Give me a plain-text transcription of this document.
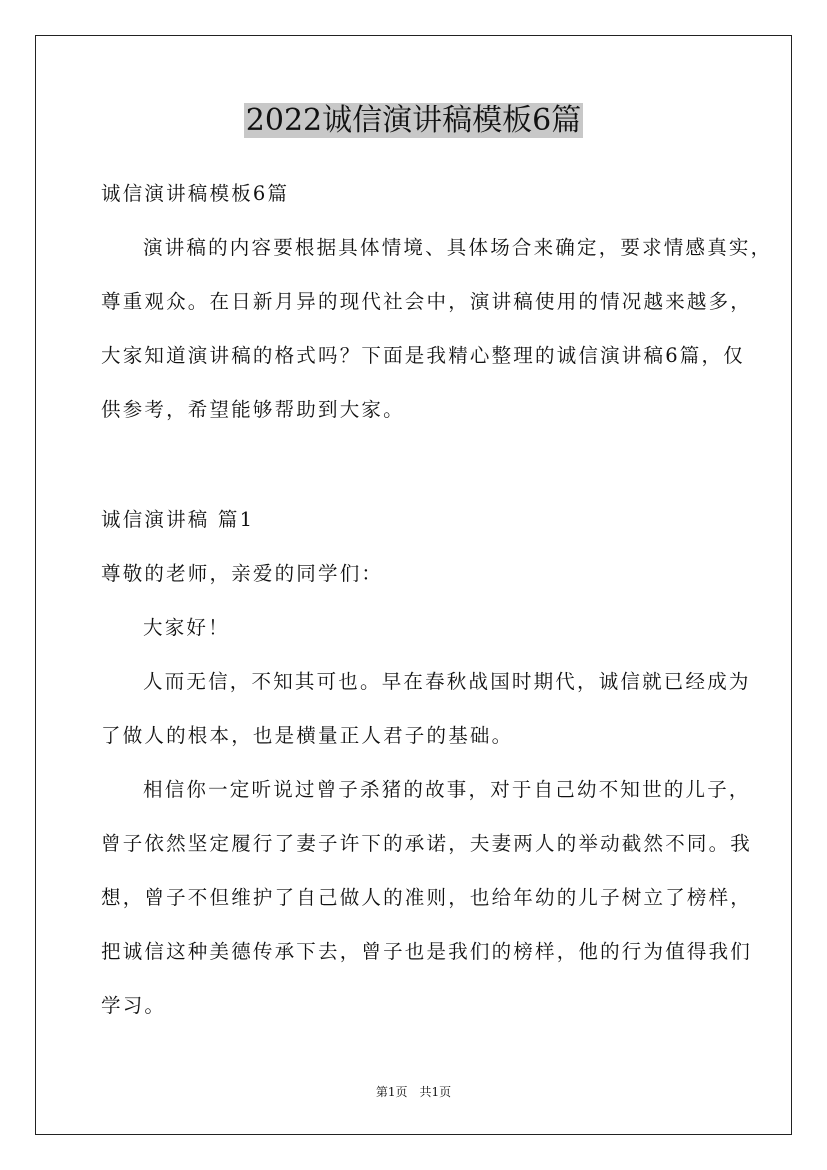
2022诚信演讲稿模板6篇
诚信演讲稿模板6篇
演讲稿的内容要根据具体情境、具体场合来确定，要求情感真实，
尊重观众。在日新月异的现代社会中，演讲稿使用的情况越来越多，
大家知道演讲稿的格式吗？下面是我精心整理的诚信演讲稿6篇，仅
供参考，希望能够帮助到大家。
诚信演讲稿 篇1
尊敬的老师，亲爱的同学们：
大家好！
人而无信，不知其可也。早在春秋战国时期代，诚信就已经成为
了做人的根本，也是横量正人君子的基础。
相信你一定听说过曾子杀猪的故事，对于自己幼不知世的儿子，
曾子依然坚定履行了妻子许下的承诺，夫妻两人的举动截然不同。我
想，曾子不但维护了自己做人的准则，也给年幼的儿子树立了榜样，
把诚信这种美德传承下去，曾子也是我们的榜样，他的行为值得我们
学习。
第1页　共1页
